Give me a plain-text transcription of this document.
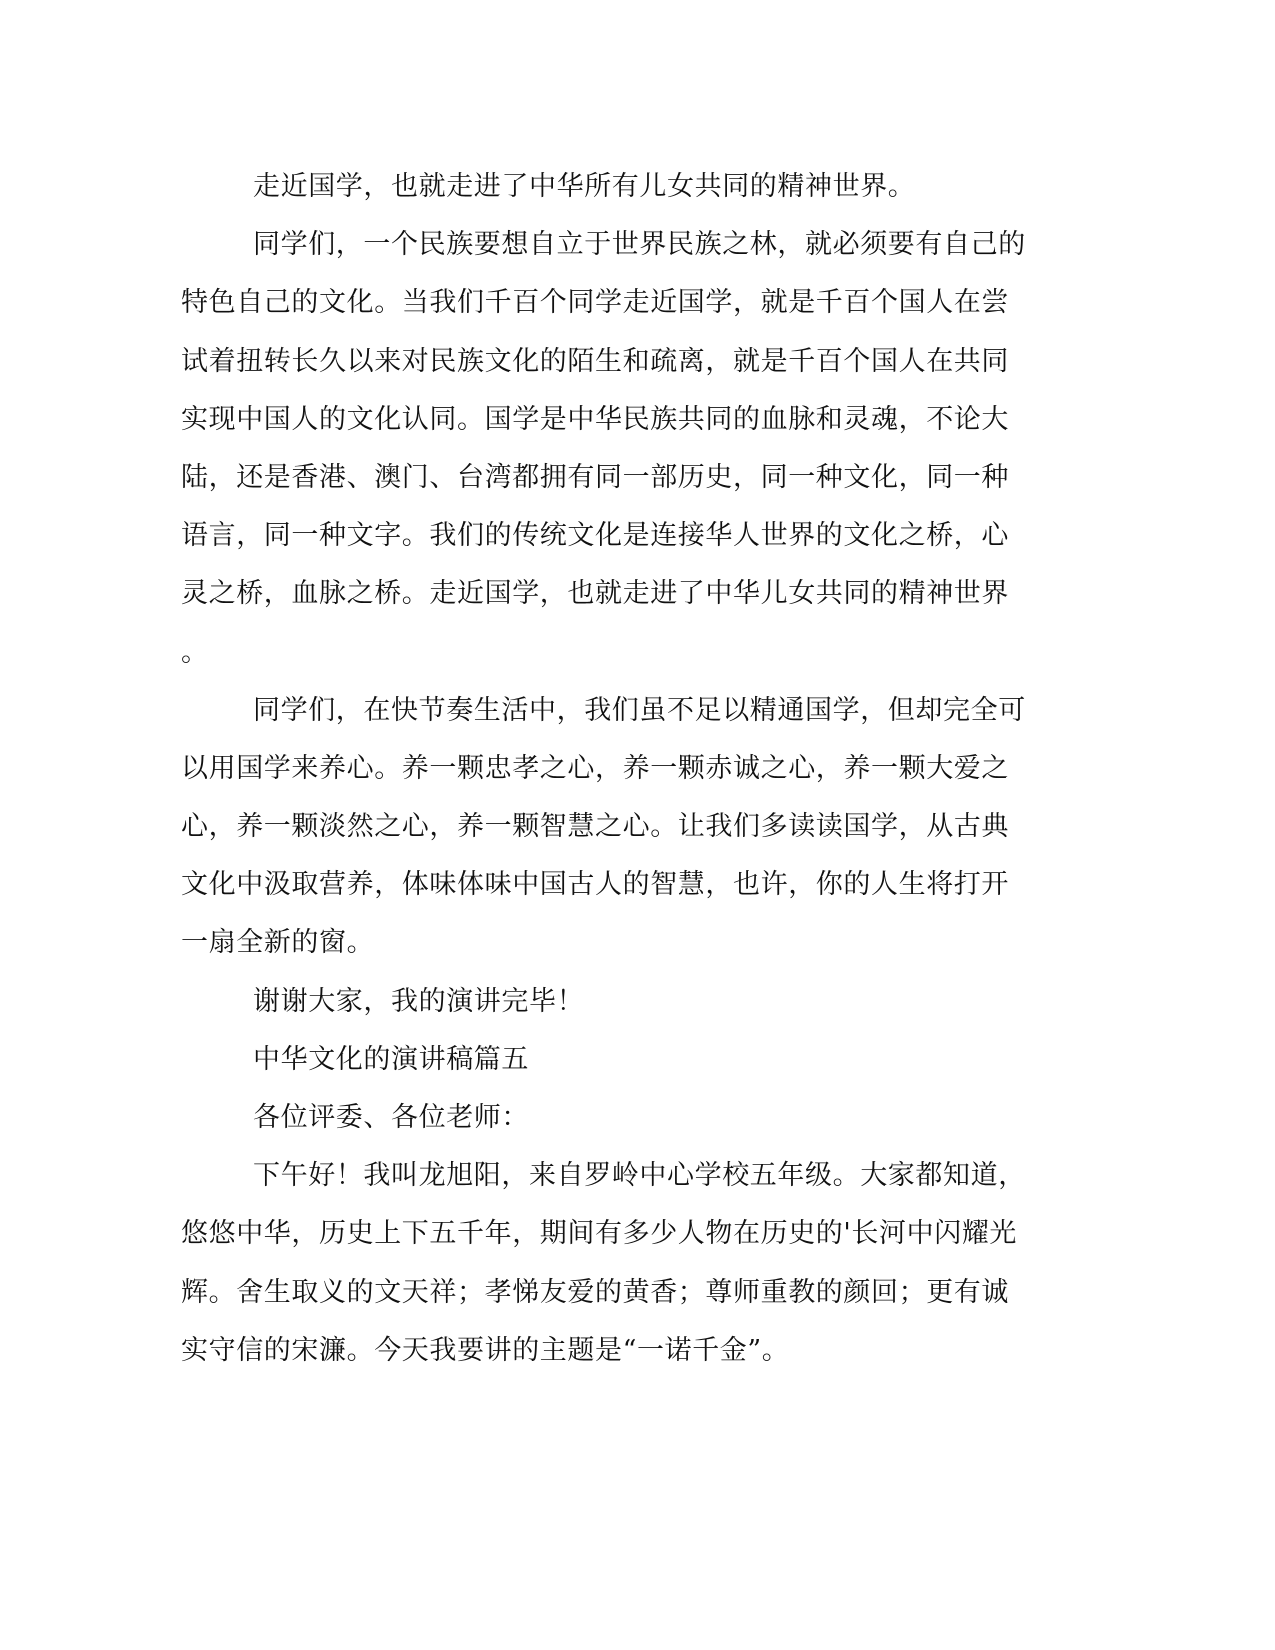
走近国学，也就走进了中华所有儿女共同的精神世界。
同学们，一个民族要想自立于世界民族之林，就必须要有自己的
特色自己的文化。当我们千百个同学走近国学，就是千百个国人在尝
试着扭转长久以来对民族文化的陌生和疏离，就是千百个国人在共同
实现中国人的文化认同。国学是中华民族共同的血脉和灵魂，不论大
陆，还是香港、澳门、台湾都拥有同一部历史，同一种文化，同一种
语言，同一种文字。我们的传统文化是连接华人世界的文化之桥，心
灵之桥，血脉之桥。走近国学，也就走进了中华儿女共同的精神世界
。
同学们，在快节奏生活中，我们虽不足以精通国学，但却完全可
以用国学来养心。养一颗忠孝之心，养一颗赤诚之心，养一颗大爱之
心，养一颗淡然之心，养一颗智慧之心。让我们多读读国学，从古典
文化中汲取营养，体味体味中国古人的智慧，也许，你的人生将打开
一扇全新的窗。
谢谢大家，我的演讲完毕！
中华文化的演讲稿篇五
各位评委、各位老师：
下午好！我叫龙旭阳，来自罗岭中心学校五年级。大家都知道，
悠悠中华，历史上下五千年，期间有多少人物在历史的'长河中闪耀光
辉。舍生取义的文天祥；孝悌友爱的黄香；尊师重教的颜回；更有诚
实守信的宋濂。今天我要讲的主题是“一诺千金”。
